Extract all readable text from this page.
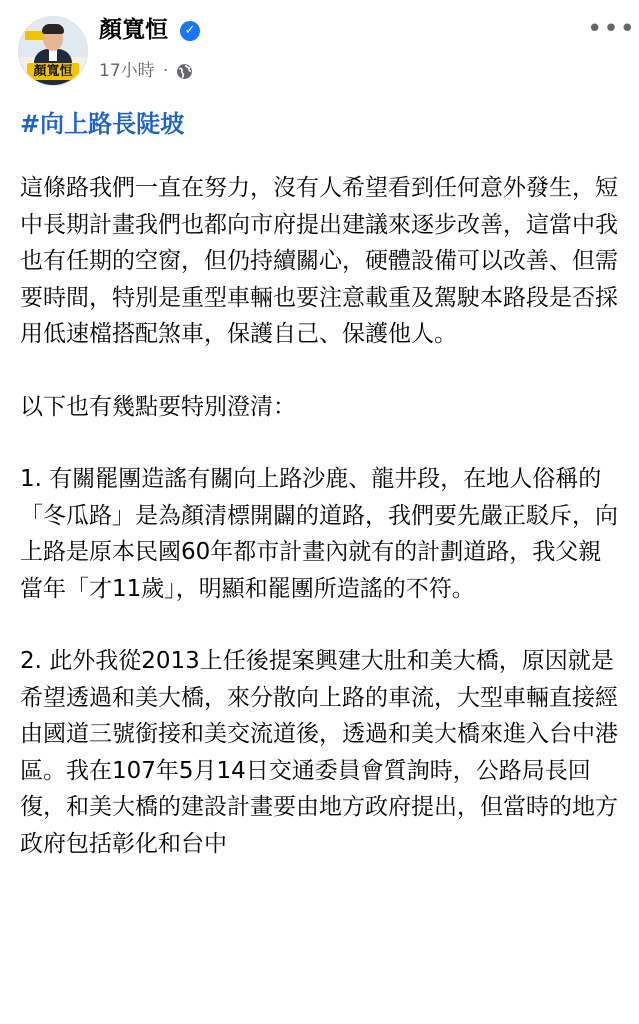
顏寬恒
顏寬恒	✓
17小時 ·
•••
#向上路長陡坡

這條路我們一直在努力，沒有人希望看到任何意外發生，短中長期計畫我們也都向市府提出建議來逐步改善，這當中我也有任期的空窗，但仍持續關心，硬體設備可以改善、但需要時間，特別是重型車輛也要注意載重及駕駛本路段是否採用低速檔搭配煞車，保護自己、保護他人。

以下也有幾點要特別澄清：

1. 有關罷團造謠有關向上路沙鹿、龍井段，在地人俗稱的「冬瓜路」是為顏清標開闢的道路，我們要先嚴正駁斥，向上路是原本民國60年都市計畫內就有的計劃道路，我父親當年「才11歲」，明顯和罷團所造謠的不符。

2. 此外我從2013上任後提案興建大肚和美大橋，原因就是希望透過和美大橋，來分散向上路的車流，大型車輛直接經由國道三號銜接和美交流道後，透過和美大橋來進入台中港區。我在107年5月14日交通委員會質詢時，公路局長回復，和美大橋的建設計畫要由地方政府提出，但當時的地方政府包括彰化和台中
